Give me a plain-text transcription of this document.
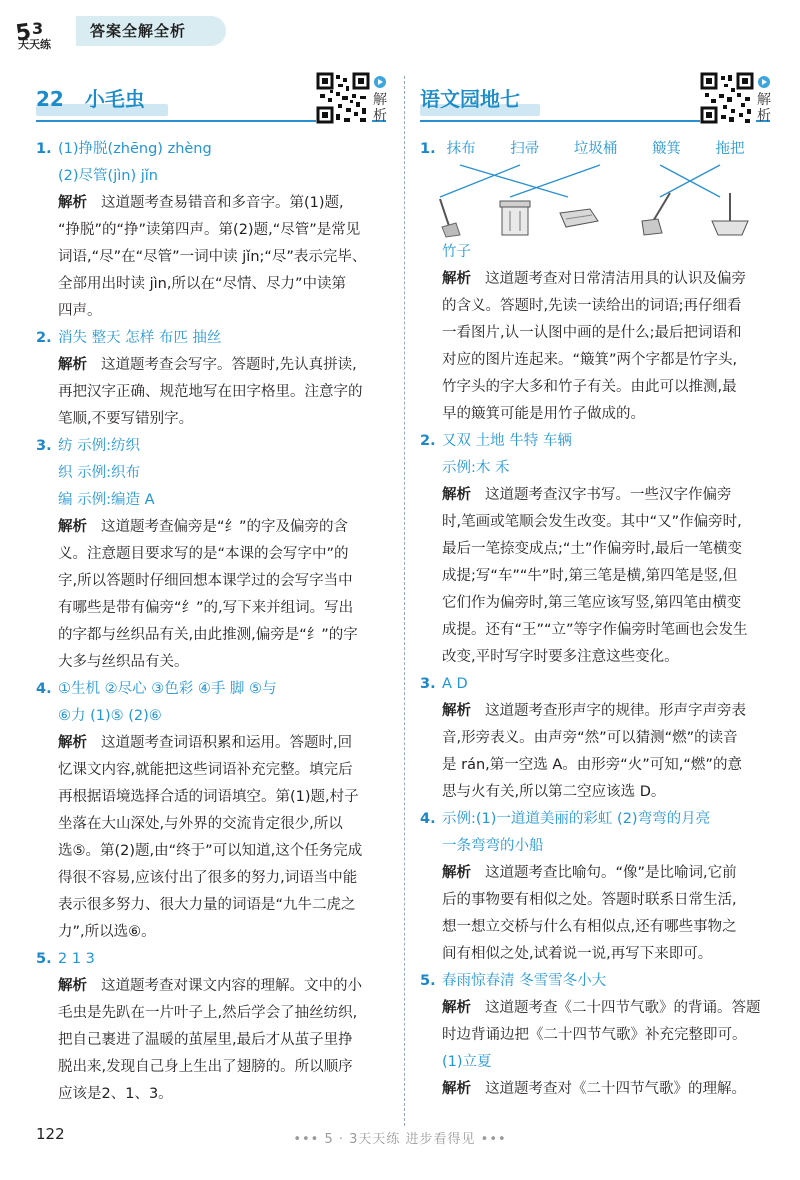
5 3
天天练
答案全解全析
22 小毛虫	解析
语文园地七	解析
1. (1)挣脱(zhēng) zhèng
(2)尽管(jìn) jǐn
解析 这道题考查易错音和多音字。第(1)题,
“挣脱”的“挣”读第四声。第(2)题,“尽管”是常见
词语,“尽”在“尽管”一词中读 jǐn;“尽”表示完毕、
全部用出时读 jìn,所以在“尽情、尽力”中读第
四声。
2. 消失 整天 怎样 布匹 抽丝
解析 这道题考查会写字。答题时,先认真拼读,
再把汉字正确、规范地写在田字格里。注意字的
笔顺,不要写错别字。
3. 纺 示例:纺织
织 示例:织布
编 示例:编造 A
解析 这道题考查偏旁是“纟”的字及偏旁的含
义。注意题目要求写的是“本课的会写字中”的
字,所以答题时仔细回想本课学过的会写字当中
有哪些是带有偏旁“纟”的,写下来并组词。写出
的字都与丝织品有关,由此推测,偏旁是“纟”的字
大多与丝织品有关。
4. ①生机 ②尽心 ③色彩 ④手 脚 ⑤与
⑥力 (1)⑤ (2)⑥
解析 这道题考查词语积累和运用。答题时,回
忆课文内容,就能把这些词语补充完整。填完后
再根据语境选择合适的词语填空。第(1)题,村子
坐落在大山深处,与外界的交流肯定很少,所以
选⑤。第(2)题,由“终于”可以知道,这个任务完成
得很不容易,应该付出了很多的努力,词语当中能
表示很多努力、很大力量的词语是“九牛二虎之
力”,所以选⑥。
5. 2 1 3
解析 这道题考查对课文内容的理解。文中的小
毛虫是先趴在一片叶子上,然后学会了抽丝纺织,
把自己裹进了温暖的茧屋里,最后才从茧子里挣
脱出来,发现自己身上生出了翅膀的。所以顺序
应该是2、1、3。
1. 抹布 扫帚 垃圾桶 簸箕 拖把
竹子
解析 这道题考查对日常清洁用具的认识及偏旁
的含义。答题时,先读一读给出的词语;再仔细看
一看图片,认一认图中画的是什么;最后把词语和
对应的图片连起来。“簸箕”两个字都是竹字头,
竹字头的字大多和竹子有关。由此可以推测,最
早的簸箕可能是用竹子做成的。
2. 又双 土地 牛特 车辆
示例:木 禾
解析 这道题考查汉字书写。一些汉字作偏旁
时,笔画或笔顺会发生改变。其中“又”作偏旁时,
最后一笔捺变成点;“土”作偏旁时,最后一笔横变
成提;写“车”“牛”时,第三笔是横,第四笔是竖,但
它们作为偏旁时,第三笔应该写竖,第四笔由横变
成提。还有“王”“立”等字作偏旁时笔画也会发生
改变,平时写字时要多注意这些变化。
3. A D
解析 这道题考查形声字的规律。形声字声旁表
音,形旁表义。由声旁“然”可以猜测“燃”的读音
是 rán,第一空选 A。由形旁“火”可知,“燃”的意
思与火有关,所以第二空应该选 D。
4. 示例:(1)一道道美丽的彩虹 (2)弯弯的月亮
一条弯弯的小船
解析 这道题考查比喻句。“像”是比喻词,它前
后的事物要有相似之处。答题时联系日常生活,
想一想立交桥与什么有相似点,还有哪些事物之
间有相似之处,试着说一说,再写下来即可。
5. 春雨惊春清 冬雪雪冬小大
解析 这道题考查《二十四节气歌》的背诵。答题
时边背诵边把《二十四节气歌》补充完整即可。
(1)立夏
解析 这道题考查对《二十四节气歌》的理解。
122	••• 5 · 3天天练 进步看得见 •••
